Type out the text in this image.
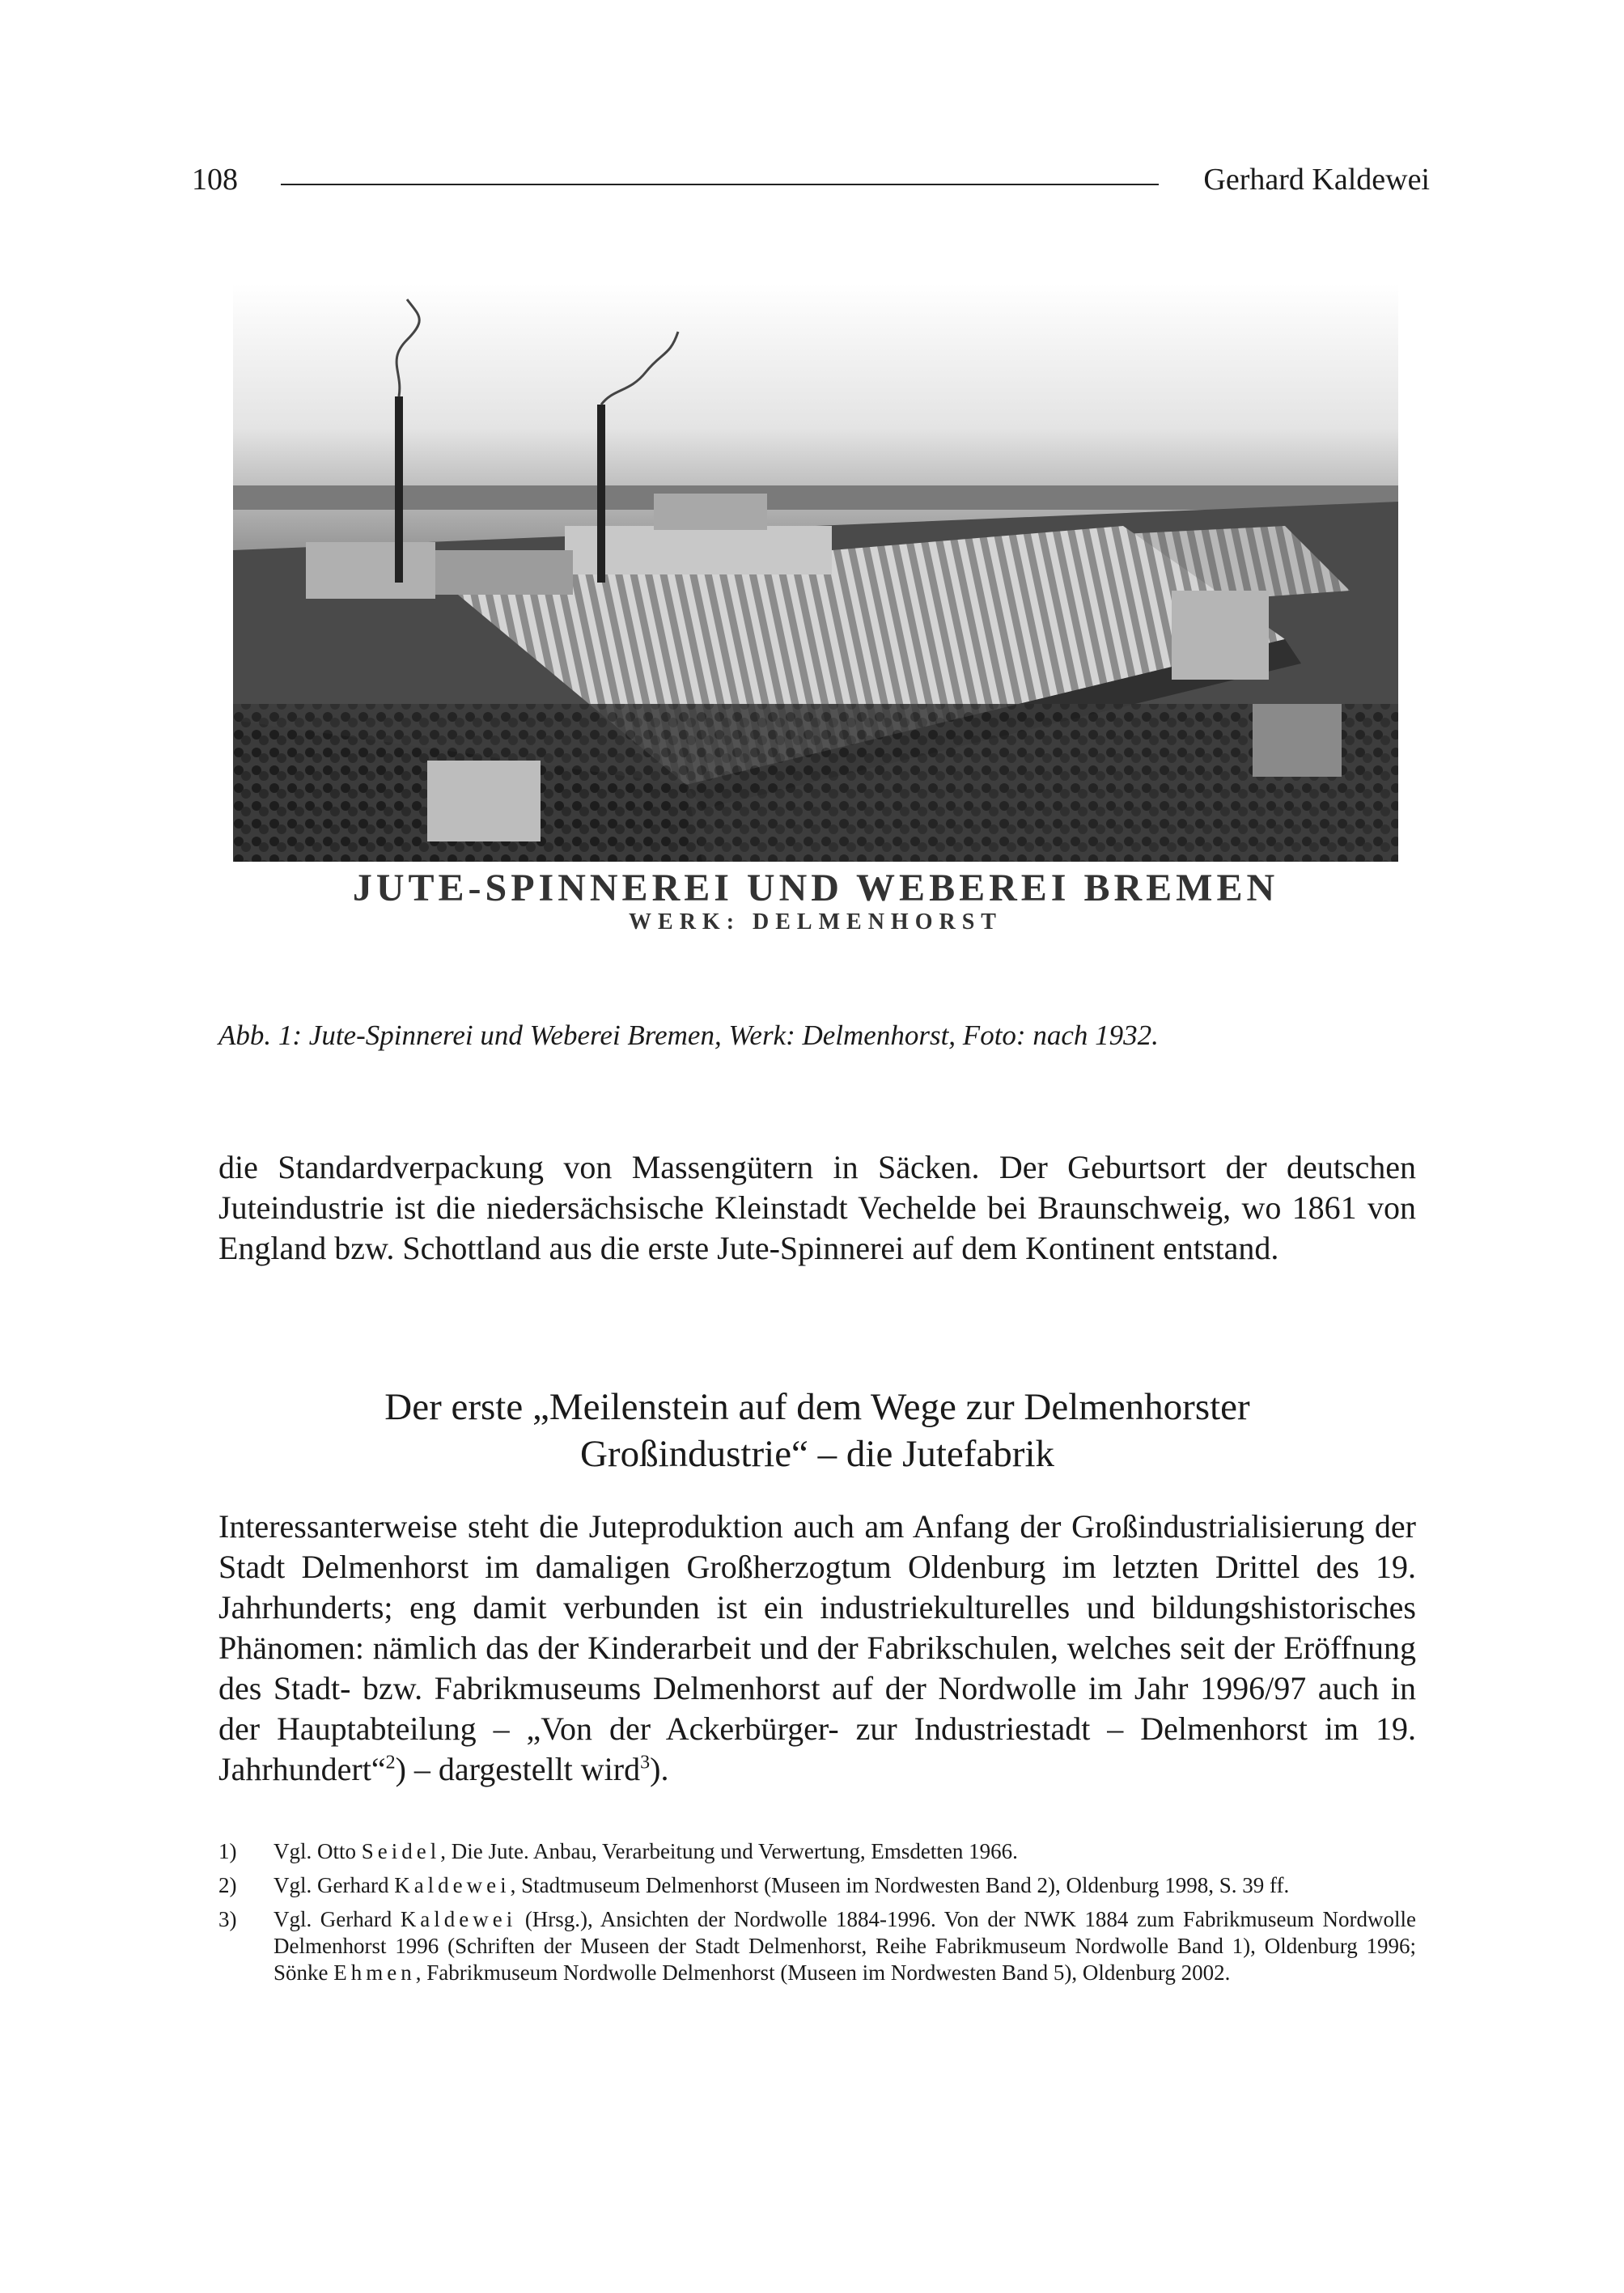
108	Gerhard Kaldewei
JUTE-SPINNEREI UND WEBEREI BREMEN
WERK: DELMENHORST
Abb. 1: Jute-Spinnerei und Weberei Bremen, Werk: Delmenhorst, Foto: nach 1932.

die Standardverpackung von Massengütern in Säcken. Der Geburtsort der deutschen Juteindustrie ist die niedersächsische Kleinstadt Vechelde bei Braunschweig, wo 1861 von England bzw. Schottland aus die erste Jute-Spinnerei auf dem Kontinent entstand.

Der erste „Meilenstein auf dem Wege zur Delmenhorster
Großindustrie“ – die Jutefabrik

Interessanterweise steht die Juteproduktion auch am Anfang der Großindustrialisierung der Stadt Delmenhorst im damaligen Großherzogtum Oldenburg im letzten Drittel des 19. Jahrhunderts; eng damit verbunden ist ein industriekulturelles und bildungshistorisches Phänomen: nämlich das der Kinderarbeit und der Fabrikschulen, welches seit der Eröffnung des Stadt- bzw. Fabrikmuseums Delmenhorst auf der Nordwolle im Jahr 1996/97 auch in der Hauptabteilung – „Von der Ackerbürger- zur Industriestadt – Delmenhorst im 19. Jahrhundert“$^2$) – dargestellt wird$^3$).

1) Vgl. Otto Seidel, Die Jute. Anbau, Verarbeitung und Verwertung, Emsdetten 1966.
2) Vgl. Gerhard Kaldewei, Stadtmuseum Delmenhorst (Museen im Nordwesten Band 2), Oldenburg 1998, S. 39 ff.
3) Vgl. Gerhard Kaldewei (Hrsg.), Ansichten der Nordwolle 1884-1996. Von der NWK 1884 zum Fabrikmuseum Nordwolle Delmenhorst 1996 (Schriften der Museen der Stadt Delmenhorst, Reihe Fabrikmuseum Nordwolle Band 1), Oldenburg 1996; Sönke Ehmen, Fabrikmuseum Nordwolle Delmenhorst (Museen im Nordwesten Band 5), Oldenburg 2002.
